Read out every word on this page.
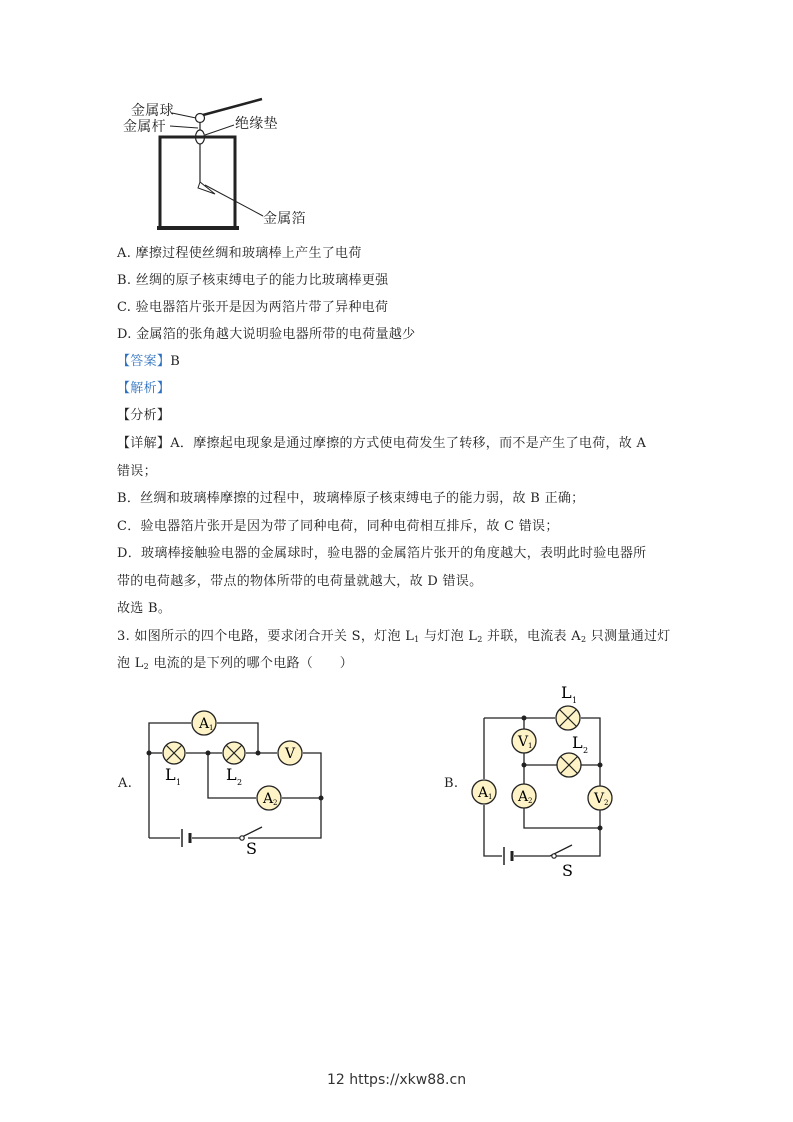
金属球
金属杆	绝缘垫
金属箔
A. 摩擦过程使丝绸和玻璃棒上产生了电荷
B. 丝绸的原子核束缚电子的能力比玻璃棒更强
C. 验电器箔片张开是因为两箔片带了异种电荷
D. 金属箔的张角越大说明验电器所带的电荷量越少
【答案】B
【解析】
【分析】
【详解】A．摩擦起电现象是通过摩擦的方式使电荷发生了转移，而不是产生了电荷，故 A
错误；
B．丝绸和玻璃棒摩擦的过程中，玻璃棒原子核束缚电子的能力弱，故 B 正确；
C．验电器箔片张开是因为带了同种电荷，同种电荷相互排斥，故 C 错误；
D．玻璃棒接触验电器的金属球时，验电器的金属箔片张开的角度越大，表明此时验电器所
带的电荷越多，带点的物体所带的电荷量就越大，故 D 错误。
故选 B。
3. 如图所示的四个电路，要求闭合开关 S，灯泡 $L_1$ 与灯泡 $L_2$ 并联，电流表 $A_2$ 只测量通过灯
泡 $L_2$ 电流的是下列的哪个电路（　　）
A.
A 1
V
A 2
L 1	L 2
S
B.
L 1
L 2
V 1
A 1 A 2	V 2
S
12 https://xkw88.cn
